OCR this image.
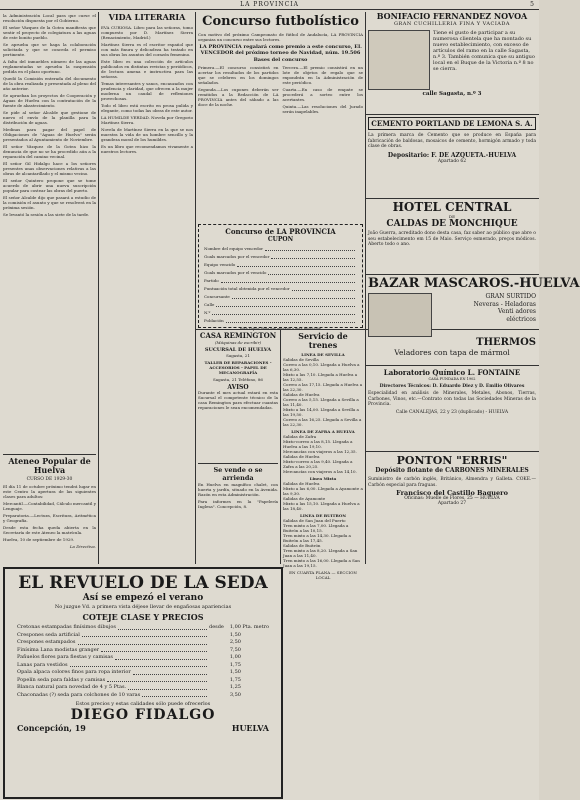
LA PROVINCIA	5

la Administración Local para que curse el resolución dispuesta por el Gobierno.

El señor Vázquez de la Gotea manifiesta que sentir el proyecto de colegiatura a las aguas de este bonito pueblo.

Se aprueba que se haga la colaboración solicitada y que se conceda el permiso pertinente.

A falta del inmuebles número de las aguas reglamentadas se aprueba la suspensión pedida en el plazo oportuno.

Quedó la Comisión enterada del documento de la obra realizada y presentada al pleno del año anterior.

Se aprueban los proyectos de Cooperación y Aguas de Huelva con la contratación de la fuente de abastecimiento.

Se pide al señor Alcalde que gestione de nuevo el envío de la planilla para la distribución de aguas.

Medinas para pagar del papel de Obligaciones de "Aguas de Huelva" serán presentados al Ayuntamiento de Noviembre.

El señor Vázquez de la Gotea hizo la denuncia de que no se ha procedido aún a la reparación del camino vecinal.

El señor Gil Hidalgo hace a los señores presentes unas observaciones relativas a las obras de alcantarillado y el mismo vecino.

El señor Quintero propone que se tome acuerdo de abrir una nueva suscripción popular para costear las obras del puerto.

El señor Alcalde dijo que pasará a estudio de la comisión el asunto y que se resolverá en la próxima sesión.

Se levantó la sesión a las siete de la tarde.

Ateneo Popular de Huelva
CURSO DE 1929-30

El día 11 de octubre próximo tendrá lugar en este Centro la apertura de las siguientes clases para adultos:

Mercantil.—Contabilidad, Cálculo mercantil y Lenguaje.

Preparatoria.—Lectura, Escritura, Aritmética y Geografía.

Desde esta fecha queda abierta en la Secretaría de este Ateneo la matrícula.

Huelva, 10 de septiembre de 1929.

La Directiva.
VIDA LITERARIA

EVA CURIOSA. Libro para las señoras, tomo compuesto por D. Martínez Sierra (Renacimiento, Madrid.)

Martínez Sierra es el escritor español que con más finura y delicadeza ha tratado en sus obras los asuntos del corazón femenino.

Este libro es una colección de artículos publicados en distintas revistas y periódicos, de lectura amena e instructiva para las señoras.

Temas interesantes y sanos, encauzados con prudencia y claridad, que ofrecen a la mujer moderna un caudal de reflexiones provechosas.

Todo el libro está escrito en prosa pulida y elegante, como todas las obras de este autor.

LA HUMILDE VERDAD. Novela por Gregorio Martínez Sierra.

Novela de Martínez Sierra en la que se nos muestra la vida de un hombre sencillo y la grandeza moral de los humildes.

Es un libro que recomendamos vivamente a nuestros lectores.

Concurso futbolístico

Con motivo del próximo Campeonato de fútbol de Andalucía, LA PROVINCIA organiza un concurso entre sus lectores.

LA PROVINCIA regalará como premio a este concurso, EL VENCEDOR del próximo torneo de Navidad, núm. 19.506
Bases del concurso

Primera.—El concurso consistirá en acertar los resultados de los partidos que se celebren en los domingos señalados.

Segunda.—Los cupones deberán ser remitidos a la Redacción de LA PROVINCIA antes del sábado a las doce de la noche.

Tercera.—El premio consistirá en un lote de objetos de regalo que se expondrán en la Administración de este periódico.

Cuarta.—En caso de empate se procederá a sorteo entre los acertantes.

Quinta.—Las resoluciones del Jurado serán inapelables.

Concurso de LA PROVINCIA
CUPON
Nombre del equipo vencedor
Goals marcados por el vencedor
Equipo vencido
Goals marcados por el vencido
Partido
Puntuación total obtenida por el vencedor
Concursante
Calle
N.º
Población
CASA REMINGTON
(Máquinas de escribir)
SUCURSAL DE HUELVA
Sagasta, 21
TALLER DE REPARACIONES - ACCESORIOS - PAPEL DE MECANOGRAFÍA
Sagasta, 21 Teléfono, 86
AVISO

Durante el mes actual estará en esta Sucursal el competente técnico de la casa Remington para efectuar cuantas reparaciones le sean encomendadas.

Se vende o se arrienda

En Huelva en magnífico chalet, con huerta y jardín, situado en la Avenida. Razón en esta Administración.

Para informes en la "Papelería Inglesa". Concepción, 8.

Servicio de trenes
LINEA DE SEVILLA
Salidas de Sevilla
Correo a las 0,10. Llegada a Huelva a las 6,30.
Mixto a las 7,10. Llegada a Huelva a las 12,55.
Correo a las 17,15. Llegada a Huelva a las 22,30.
Salidas de Huelva
Correo a las 5,15. Llegada a Sevilla a las 11,40.
Mixto a las 14,00. Llegada a Sevilla a las 19,50.
Correo a las 16,25. Llegada a Sevilla a las 22,30.
LINEA DE ZAFRA A HUELVA
Salidas de Zafra
Mixto-correo a las 8,15. Llegada a Huelva a las 19,10.
Mercancías con viajeros a las 12,35.
Salidas de Huelva
Mixto-correo a las 9,40. Llegada a Zafra a las 20,25.
Mercancías con viajeros a las 14,10.
Linea Mixta
Salidas de Huelva
Mixto a las 6,00. Llegada a Ayamonte a las 9,30.
Salidas de Ayamonte
Mixto a las 15,10. Llegada a Huelva a las 18,40.
LINEA DE BUITRON
Salidas de San Juan del Puerto
Tren mixto a las 7,00. Llegada a Buitrón a las 10,15.
Tren mixto a las 14,30. Llegada a Buitrón a las 17,45.
Salidas de Buitrón
Tren mixto a las 8,20. Llegada a San Juan a las 11,40.
Tren mixto a las 16,00. Llegada a San Juan a las 19,15.
EN CUARTA PLANA — SECCION LOCAL
BONIFACIO FERNANDEZ NOVOA
GRAN CUCHILLERIA FINA Y VACIADA
Tiene el gusto de participar a su numerosa clientela que ha montado su nuevo establecimiento, con exceso de artículos del ramo en la calle Sagasta, n.º 3. También comunica que su antiguo local en el Buque de la Victoria n.º 8 no se cierra.
calle Sagasta, n.º 3
CEMENTO PORTLAND DE LEMONA S. A.

La primera marca de Cemento que se produce en España para fabricación de baldosas, mosaicos de cemento, hormigón armado y toda clase de obras.

Depositario: F. DE AZQUETA.-HUELVA
Apartado 62
HOTEL CENTRAL
DE
CALDAS DE MONCHIQUE

João Guerra, acreditado dono desta casa, faz saber ao público que abre o seu estabelecimento em 15 de Maio. Serviço esmerado, preços módicos. Aberto todo o ano.

BAZAR MASCAROS.-HUELVA
GRAN SURTIDO
Neveras - Heladoras
Venti adores
eléctricos
THERMOS
Veladores con tapa de mármol
Laboratorio Químico L. FONTAINE
CASA FUNDADA EN 1902
Directores Técnicos: D. Eduardo Diez y D. Emilio Olivares

Especialidad en análisis de Minerales, Metales, Abonos, Tierras, Carbones, Vinos, etc.—Contrato con todas las Sociedades Mineras de la Provincia.

Calle CANALEJAS, 22 y 23 (duplicado) - HUELVA
PONTON "ERRIS"
Depósito flotante de CARBONES MINERALES

Suministro de carbón inglés, Británico, Almendra y Galleta. COKE.—Carbón especial para fraguas.

Francisco del Castillo Baquero
Oficinas: Muelle de Flores, 25 — HUELVA
Apartado 27
EL REVUELO DE LA SEDA
Así se empezó el verano
No juzgue Vd. a primera vista déjese llevar de engañosas apariencias
COTEJE CLASE Y PRECIOS
Cretonas estampadas finísimos dibujos	desde	1,00 Pta. metro
Crespones seda artificial	1,50
Crespones estampados	2,50
Finísima Lana modistas granger	7,50
Pañuelos flores para fiestas y camisas	1,00
Lanas para vestidos	1,75
Opala alpaca colores finos para ropa interior	1,50
Popelín seda para faldas y camisas	1,75
Blanca natural para novedad de 4 y 5 Ptas.	1,25
Chaconadas (?) seda para colchones de 10 varas	3,50
Estos precios y estas calidades sólo puede ofrecerlos
DIEGO FIDALGO
Concepción, 19	HUELVA
